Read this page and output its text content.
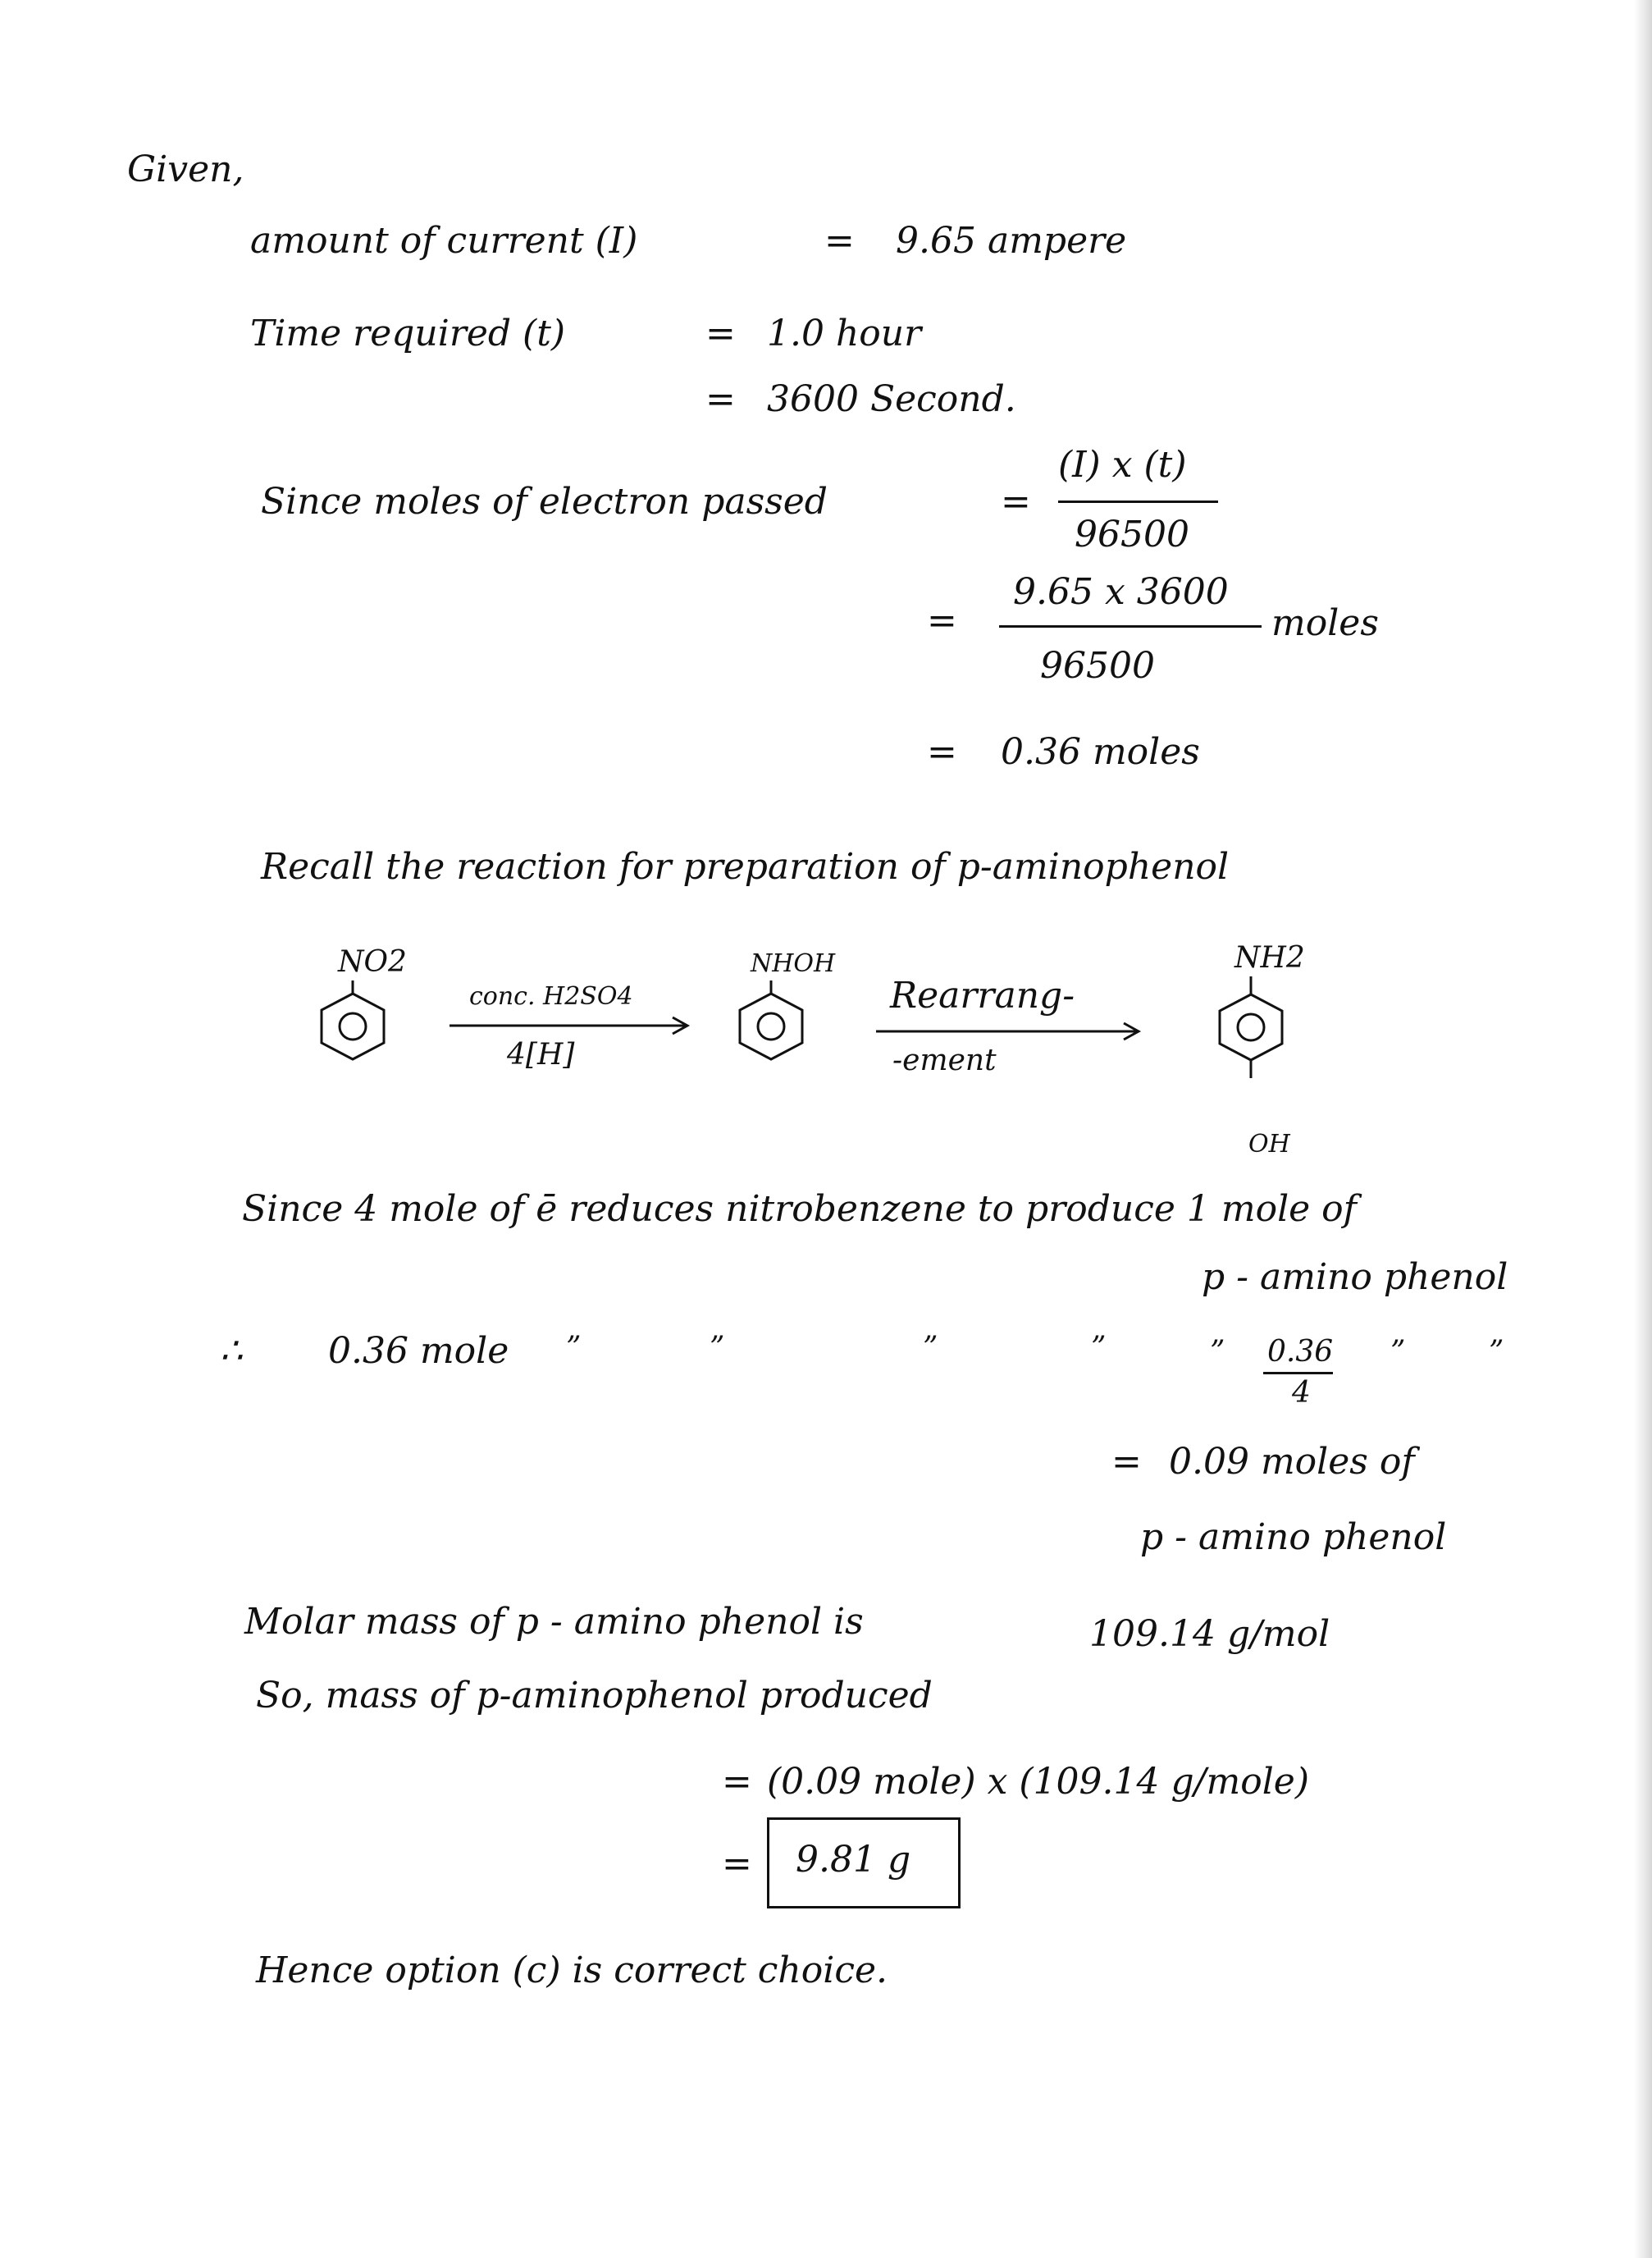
Given,
amount of current (I)	= 9.65 ampere
Time required (t)	= 1.0 hour
= 3600 Second.
Since moles of electron passed	=
(I) x (t)
96500
=
9.65 x 3600
96500
moles
= 0.36 moles
Recall the reaction for preparation of p-aminophenol
NO2
conc. H2SO4
4[H]
NHOH
Rearrang-
-ement
NH2
OH
Since 4 mole of ē reduces nitrobenzene to produce 1 mole of
p - amino phenol
∴ 0.36 mole ”	”	”	”	” 0.36
4
”	”
= 0.09 moles of
p - amino phenol
Molar mass of p - amino phenol is	109.14 g/mol
So, mass of p-aminophenol produced
= (0.09 mole) x (109.14 g/mole)
= 9.81 g
Hence option (c) is correct choice.
